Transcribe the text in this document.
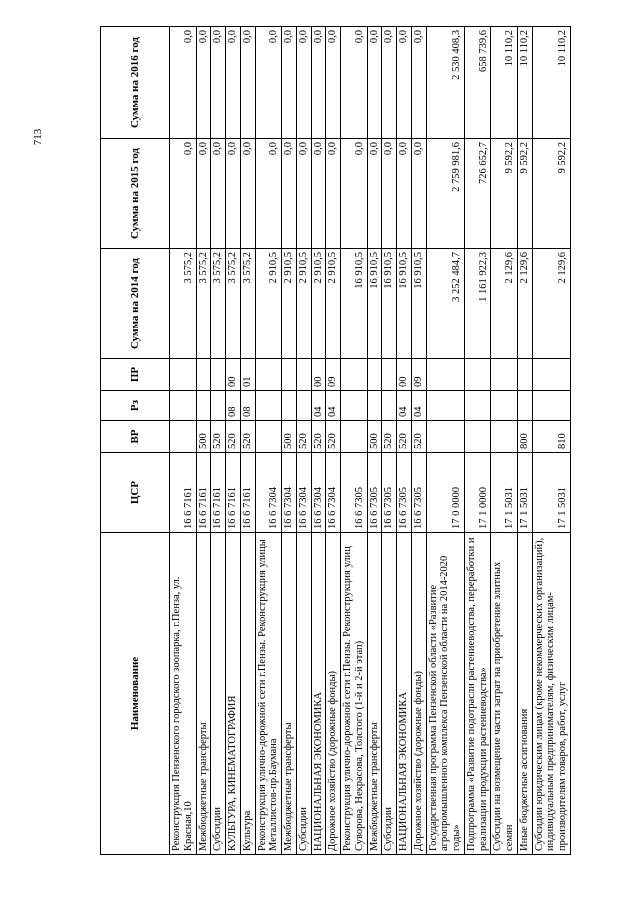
713
Наименование	ЦСР	ВР	Рз	ПР	Сумма на 2014 год	Сумма на 2015 год	Сумма на 2016 год
Реконструкция Пензенского городского зоопарка, г.Пенза, ул. Красная,10	16 6 7161				3 575,2	0,0	0,0
Межбюджетные трансферты	16 6 7161	500			3 575,2	0,0	0,0
Субсидии	16 6 7161	520			3 575,2	0,0	0,0
КУЛЬТУРА, КИНЕМАТОГРАФИЯ	16 6 7161	520	08	00	3 575,2	0,0	0,0
Культура	16 6 7161	520	08	01	3 575,2	0,0	0,0
Реконструкция улично-дорожной сети г.Пензы. Реконструкция улицы Металлистов-пр.Баумана	16 6 7304				2 910,5	0,0	0,0
Межбюджетные трансферты	16 6 7304	500			2 910,5	0,0	0,0
Субсидии	16 6 7304	520			2 910,5	0,0	0,0
НАЦИОНАЛЬНАЯ ЭКОНОМИКА	16 6 7304	520	04	00	2 910,5	0,0	0,0
Дорожное хозяйство (дорожные фонды)	16 6 7304	520	04	09	2 910,5	0,0	0,0
Реконструкция улично-дорожной сети г.Пензы. Реконструкция улиц Суворова, Некрасова, Толстого (1-й и 2-й этап)	16 6 7305				16 910,5	0,0	0,0
Межбюджетные трансферты	16 6 7305	500			16 910,5	0,0	0,0
Субсидии	16 6 7305	520			16 910,5	0,0	0,0
НАЦИОНАЛЬНАЯ ЭКОНОМИКА	16 6 7305	520	04	00	16 910,5	0,0	0,0
Дорожное хозяйство (дорожные фонды)	16 6 7305	520	04	09	16 910,5	0,0	0,0
Государственная программа Пензенской области «Развитие агропромышленного комплекса Пензенской области на 2014-2020 годы»	17 0 0000				3 252 484,7	2 759 981,6	2 530 408,3
Подпрограмма «Развитие подотрасли растениеводства, переработки и реализации продукции растениеводства»	17 1 0000				1 161 922,3	726 652,7	658 739,6
Субсидии на возмещение части затрат на приобретение элитных семян	17 1 5031				2 129,6	9 592,2	10 110,2
Иные бюджетные ассигнования	17 1 5031	800			2 129,6	9 592,2	10 110,2
Субсидии юридическим лицам (кроме некоммерческих организаций), индивидуальным предпринимателям, физическим лицам-производителям товаров, работ, услуг	17 1 5031	810			2 129,6	9 592,2	10 110,2
